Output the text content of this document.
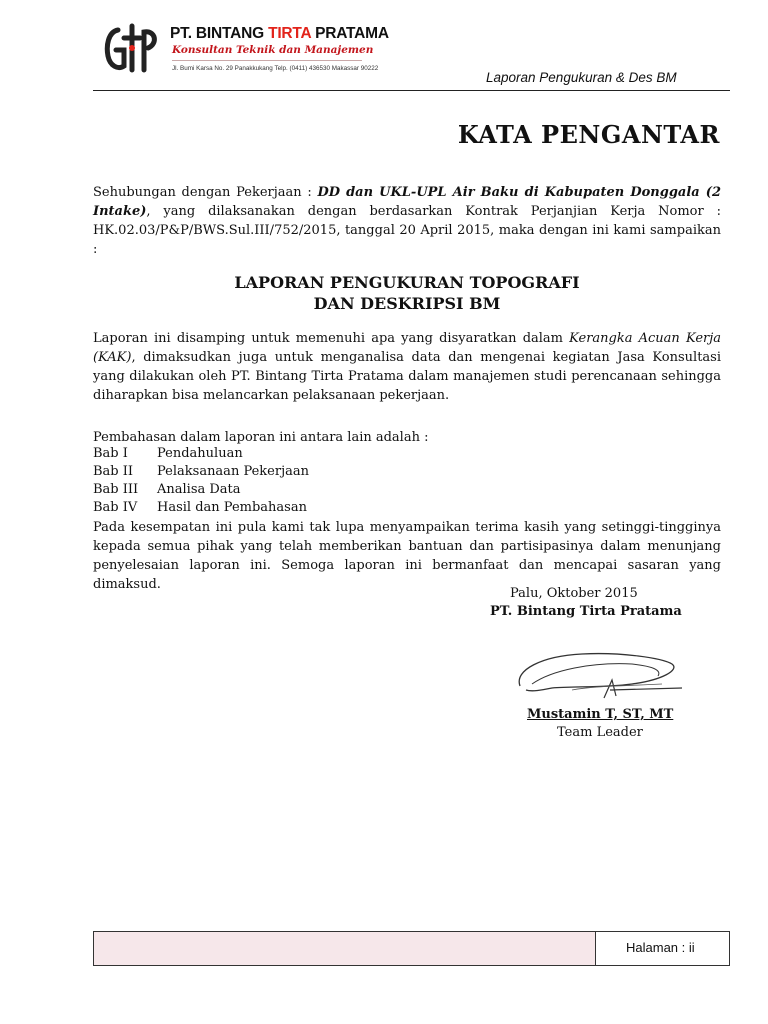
PT. BINTANG TIRTA PRATAMA
Konsultan Teknik dan Manajemen
Jl. Bumi Karsa No. 29 Panakkukang Telp. (0411) 436530 Makassar 90222
Laporan Pengukuran & Des BM
KATA PENGANTAR
Sehubungan dengan Pekerjaan : DD dan UKL-UPL Air Baku di Kabupaten Donggala (2 Intake), yang dilaksanakan dengan berdasarkan Kontrak Perjanjian Kerja Nomor : HK.02.03/P&P/BWS.Sul.III/752/2015, tanggal 20 April 2015, maka dengan ini kami sampaikan :
LAPORAN PENGUKURAN TOPOGRAFI
DAN DESKRIPSI BM
Laporan ini disamping untuk memenuhi apa yang disyaratkan dalam Kerangka Acuan Kerja (KAK), dimaksudkan juga untuk menganalisa data dan mengenai kegiatan Jasa Konsultasi yang dilakukan oleh PT. Bintang Tirta Pratama dalam manajemen studi perencanaan sehingga diharapkan bisa melancarkan pelaksanaan pekerjaan.
Pembahasan dalam laporan ini antara lain adalah :
Bab I Pendahuluan
Bab II Pelaksanaan Pekerjaan
Bab III Analisa Data
Bab IV Hasil dan Pembahasan
Pada kesempatan ini pula kami tak lupa menyampaikan terima kasih yang setinggi-tingginya kepada semua pihak yang telah memberikan bantuan dan partisipasinya dalam menunjang penyelesaian laporan ini. Semoga laporan ini bermanfaat dan mencapai sasaran yang dimaksud.
Palu, Oktober 2015
PT. Bintang Tirta Pratama
Mustamin T, ST, MT
Team Leader
Halaman : ii
